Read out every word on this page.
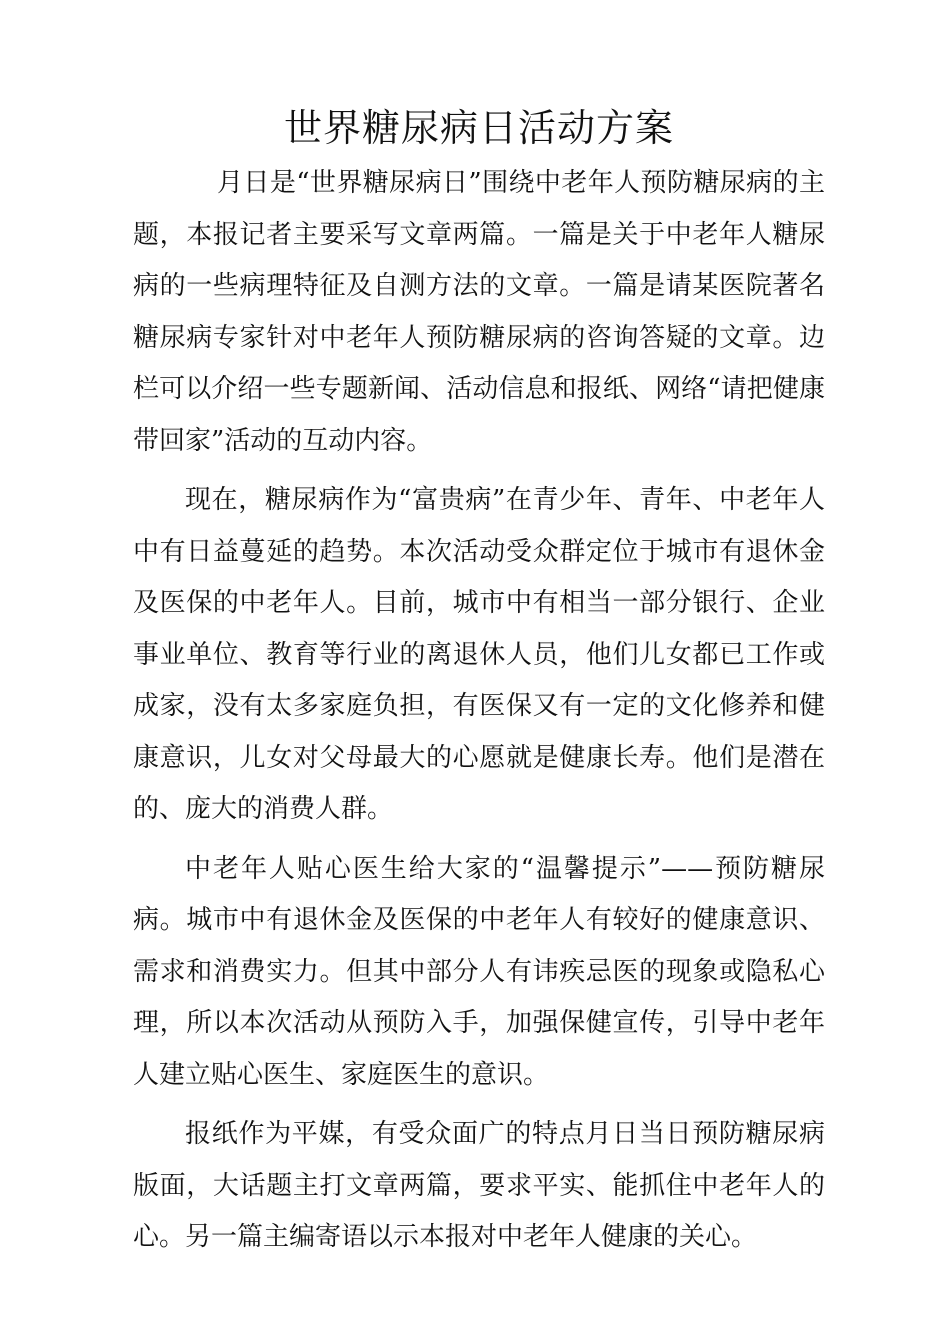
世界糖尿病日活动方案

月日是“世界糖尿病日”围绕中老年人预防糖尿病的主题，本报记者主要采写文章两篇。一篇是关于中老年人糖尿病的一些病理特征及自测方法的文章。一篇是请某医院著名糖尿病专家针对中老年人预防糖尿病的咨询答疑的文章。边栏可以介绍一些专题新闻、活动信息和报纸、网络“请把健康带回家”活动的互动内容。

现在，糖尿病作为“富贵病”在青少年、青年、中老年人中有日益蔓延的趋势。本次活动受众群定位于城市有退休金及医保的中老年人。目前，城市中有相当一部分银行、企业事业单位、教育等行业的离退休人员，他们儿女都已工作或成家，没有太多家庭负担，有医保又有一定的文化修养和健康意识，儿女对父母最大的心愿就是健康长寿。他们是潜在的、庞大的消费人群。

中老年人贴心医生给大家的“温馨提示”——预防糖尿病。城市中有退休金及医保的中老年人有较好的健康意识、需求和消费实力。但其中部分人有讳疾忌医的现象或隐私心理，所以本次活动从预防入手，加强保健宣传，引导中老年人建立贴心医生、家庭医生的意识。

报纸作为平媒，有受众面广的特点月日当日预防糖尿病版面，大话题主打文章两篇，要求平实、能抓住中老年人的心。另一篇主编寄语以示本报对中老年人健康的关心。
